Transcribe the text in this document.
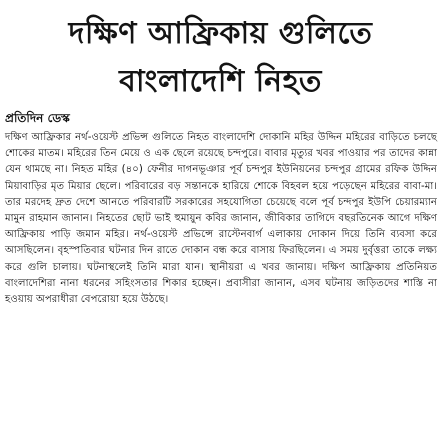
দক্ষিণ আফ্রিকায় গুলিতে
বাংলাদেশি নিহত
প্রতিদিন ডেস্ক

দক্ষিণ আফ্রিকার নর্থ-ওয়েস্ট প্রভিন্স গুলিতে নিহত বাংলাদেশি দোকানি মহির উদ্দিন মহিরের বাড়িতে চলছে শোকের মাতম। মহিরের তিন মেয়ে ও এক ছেলে রয়েছে চন্দপুরে। বাবার মৃত্যুর খবর পাওয়ার পর তাদের কান্না যেন থামছে না। নিহত মহির (৪০) ফেনীর দাগনভূঞার পূর্ব চন্দপুর ইউনিয়নের চন্দপুর গ্রামের রফিক উদ্দিন মিয়াবাড়ির মৃত মিয়ার ছেলে। পরিবারের বড় সন্তানকে হারিয়ে শোকে বিহবল হয়ে পড়েছেন মহিরের বাবা-মা। তার মরদেহ দ্রুত দেশে আনতে পরিবারটি সরকারের সহযোগিতা চেয়েছে বলে পূর্ব চন্দপুর ইউপি চেয়ারম্যান মামুন রাহমান জানান। নিহতের ছোট ভাই হুমায়ুন কবির জানান, জীবিকার তাগিদে বছরতিনেক আগে দক্ষিণ আফ্রিকায় পাড়ি জমান মহির। নর্থ-ওয়েস্ট প্রভিন্সে রাস্টেনবার্গ এলাকায় দোকান দিয়ে তিনি ব্যবসা করে আসছিলেন। বৃহস্পতিবার ঘটনার দিন রাতে দোকান বন্ধ করে বাসায় ফিরছিলেন। এ সময় দুর্বৃত্তরা তাকে লক্ষ্য করে গুলি চালায়। ঘটনাস্থলেই তিনি মারা যান। স্থানীয়রা এ খবর জানায়। দক্ষিণ আফ্রিকায় প্রতিনিয়ত বাংলাদেশিরা নানা ধরনের সহিংসতার শিকার হচ্ছেন। প্রবাসীরা জানান, এসব ঘটনায় জড়িতদের শাস্তি না হওয়ায় অপরাধীরা বেপরোয়া হয়ে উঠছে।
